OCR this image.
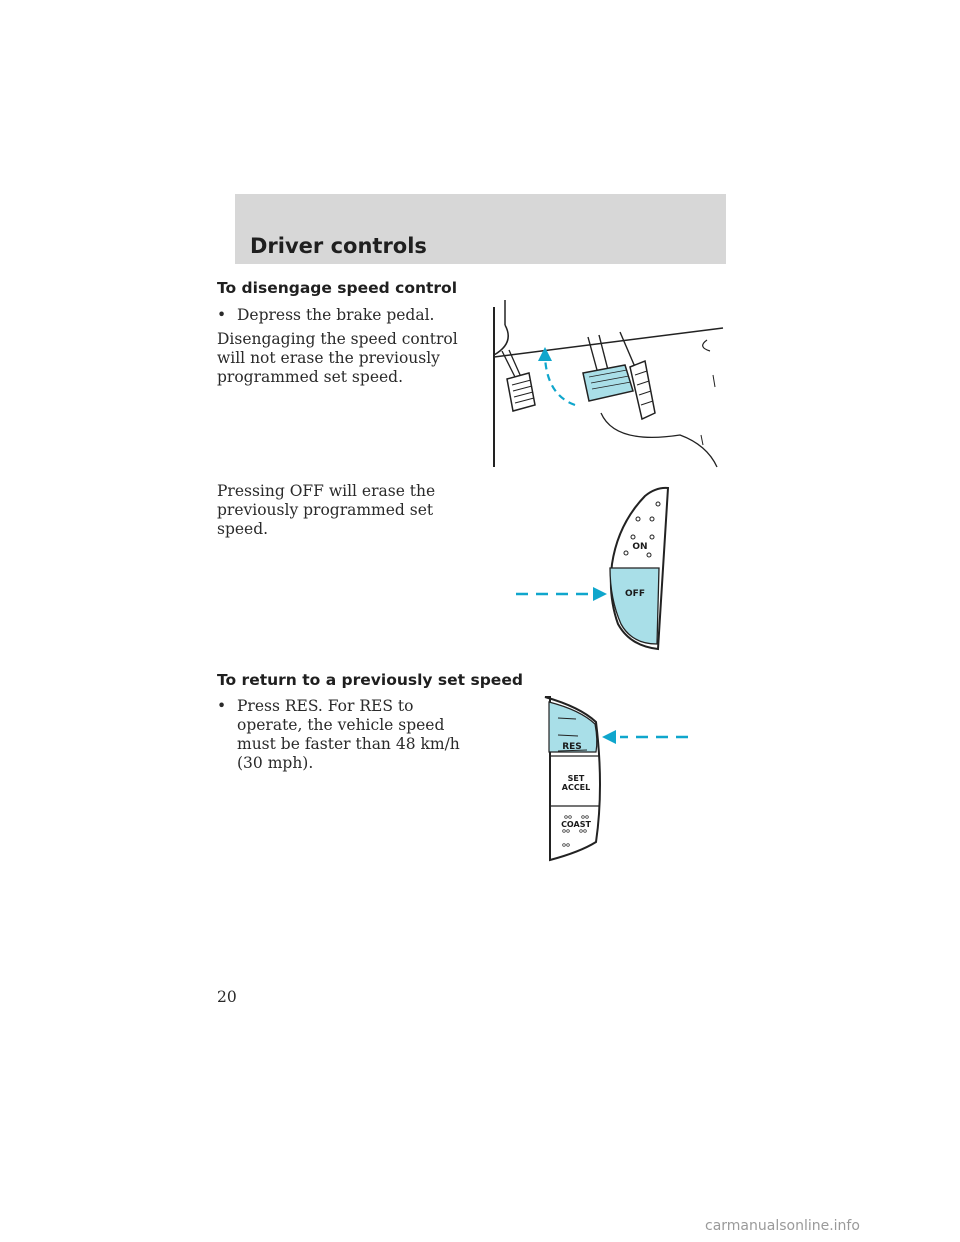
Driver controls
To disengage speed control
• Depress the brake pedal.
Disengaging the speed control will not erase the previously programmed set speed.
Pressing OFF will erase the previously programmed set speed.
To return to a previously set speed
• Press RES. For RES to operate, the vehicle speed must be faster than 48 km/h (30 mph).
ON
OFF
RES
SET
ACCEL
COAST
20
carmanualsonline.info
